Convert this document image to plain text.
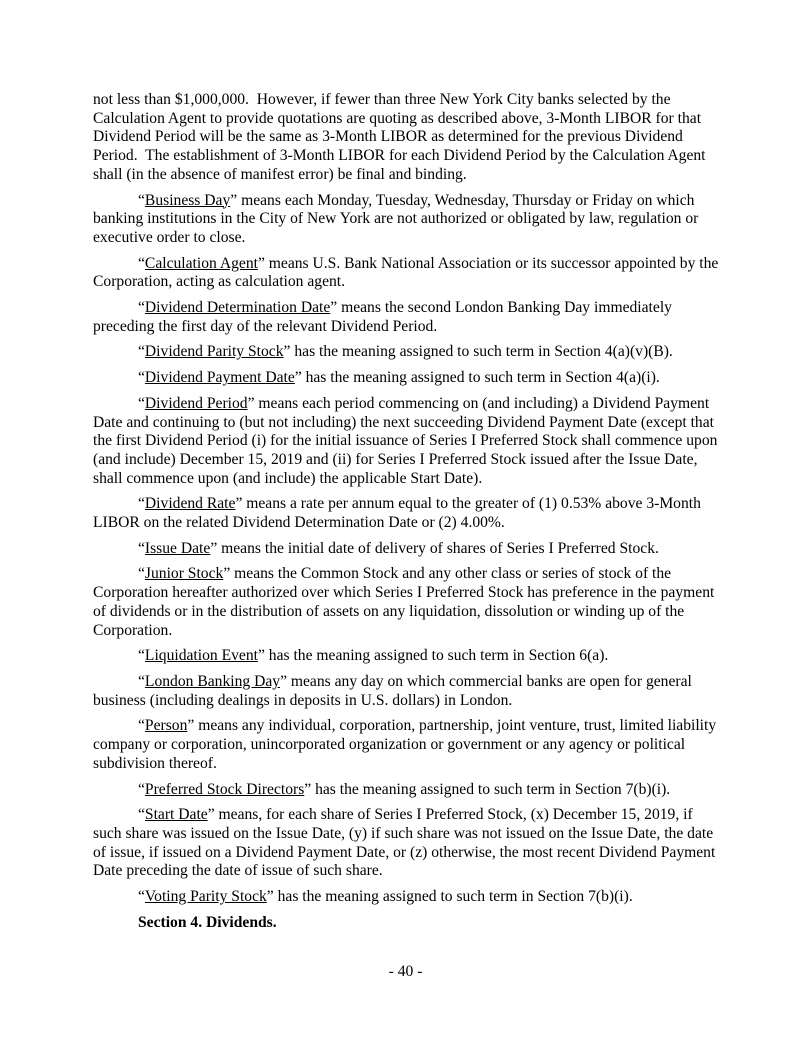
not less than $1,000,000.  However, if fewer than three New York City banks selected by the Calculation Agent to provide quotations are quoting as described above, 3-Month LIBOR for that Dividend Period will be the same as 3-Month LIBOR as determined for the previous Dividend Period.  The establishment of 3-Month LIBOR for each Dividend Period by the Calculation Agent shall (in the absence of manifest error) be final and binding.

“Business Day” means each Monday, Tuesday, Wednesday, Thursday or Friday on which banking institutions in the City of New York are not authorized or obligated by law, regulation or executive order to close.

“Calculation Agent” means U.S. Bank National Association or its successor appointed by the Corporation, acting as calculation agent.

“Dividend Determination Date” means the second London Banking Day immediately preceding the first day of the relevant Dividend Period.

“Dividend Parity Stock” has the meaning assigned to such term in Section 4(a)(v)(B).

“Dividend Payment Date” has the meaning assigned to such term in Section 4(a)(i).

“Dividend Period” means each period commencing on (and including) a Dividend Payment Date and continuing to (but not including) the next succeeding Dividend Payment Date (except that the first Dividend Period (i) for the initial issuance of Series I Preferred Stock shall commence upon (and include) December 15, 2019 and (ii) for Series I Preferred Stock issued after the Issue Date, shall commence upon (and include) the applicable Start Date).

“Dividend Rate” means a rate per annum equal to the greater of (1) 0.53% above 3-Month LIBOR on the related Dividend Determination Date or (2) 4.00%.

“Issue Date” means the initial date of delivery of shares of Series I Preferred Stock.

“Junior Stock” means the Common Stock and any other class or series of stock of the Corporation hereafter authorized over which Series I Preferred Stock has preference in the payment of dividends or in the distribution of assets on any liquidation, dissolution or winding up of the Corporation.

“Liquidation Event” has the meaning assigned to such term in Section 6(a).

“London Banking Day” means any day on which commercial banks are open for general business (including dealings in deposits in U.S. dollars) in London.

“Person” means any individual, corporation, partnership, joint venture, trust, limited liability company or corporation, unincorporated organization or government or any agency or political subdivision thereof.

“Preferred Stock Directors” has the meaning assigned to such term in Section 7(b)(i).

“Start Date” means, for each share of Series I Preferred Stock, (x) December 15, 2019, if such share was issued on the Issue Date, (y) if such share was not issued on the Issue Date, the date of issue, if issued on a Dividend Payment Date, or (z) otherwise, the most recent Dividend Payment Date preceding the date of issue of such share.

“Voting Parity Stock” has the meaning assigned to such term in Section 7(b)(i).

Section 4. Dividends.

- 40 -
